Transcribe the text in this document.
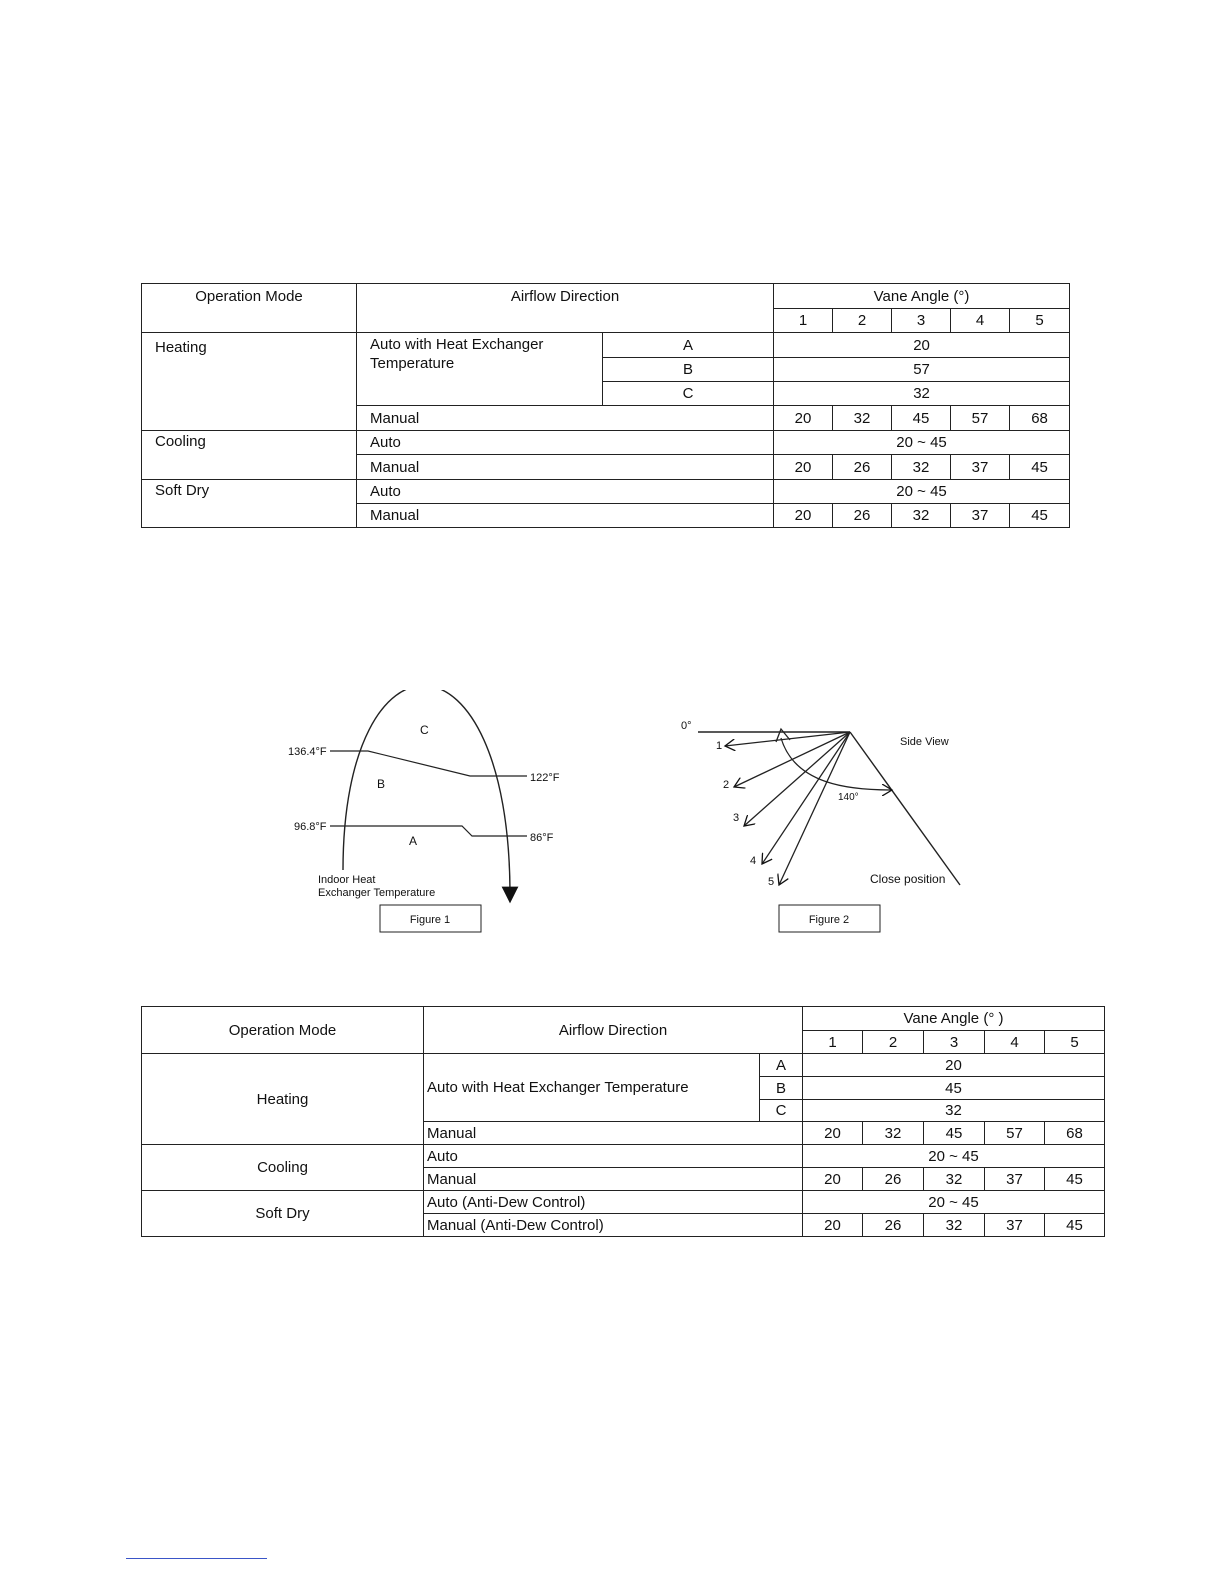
Operation Mode	Airflow Direction		Vane Angle (°)				
			1	2	3	4	5
Heating	Auto with Heat Exchanger Temperature	A	20				
		B	57				
		C	32				
	Manual		20	32	45	57	68
Cooling	Auto		20 ~ 45				
	Manual		20	26	32	37	45
Soft Dry	Auto		20 ~ 45				
	Manual		20	26	32	37	45
C
B
A
136.4°F
122°F
96.8°F
86°F
Indoor Heat
Exchanger Temperature
Figure 1
0°
1
2
3
4
5
140°
Side View
Close position
Figure 2
Operation Mode	Airflow Direction		Vane Angle (° )				
			1	2	3	4	5
Heating	Auto with Heat Exchanger Temperature	A	20				
		B	45				
		C	32				
	Manual		20	32	45	57	68
Cooling	Auto		20 ~ 45				
	Manual		20	26	32	37	45
Soft Dry	Auto (Anti-Dew Control)		20 ~ 45				
	Manual (Anti-Dew Control)		20	26	32	37	45
